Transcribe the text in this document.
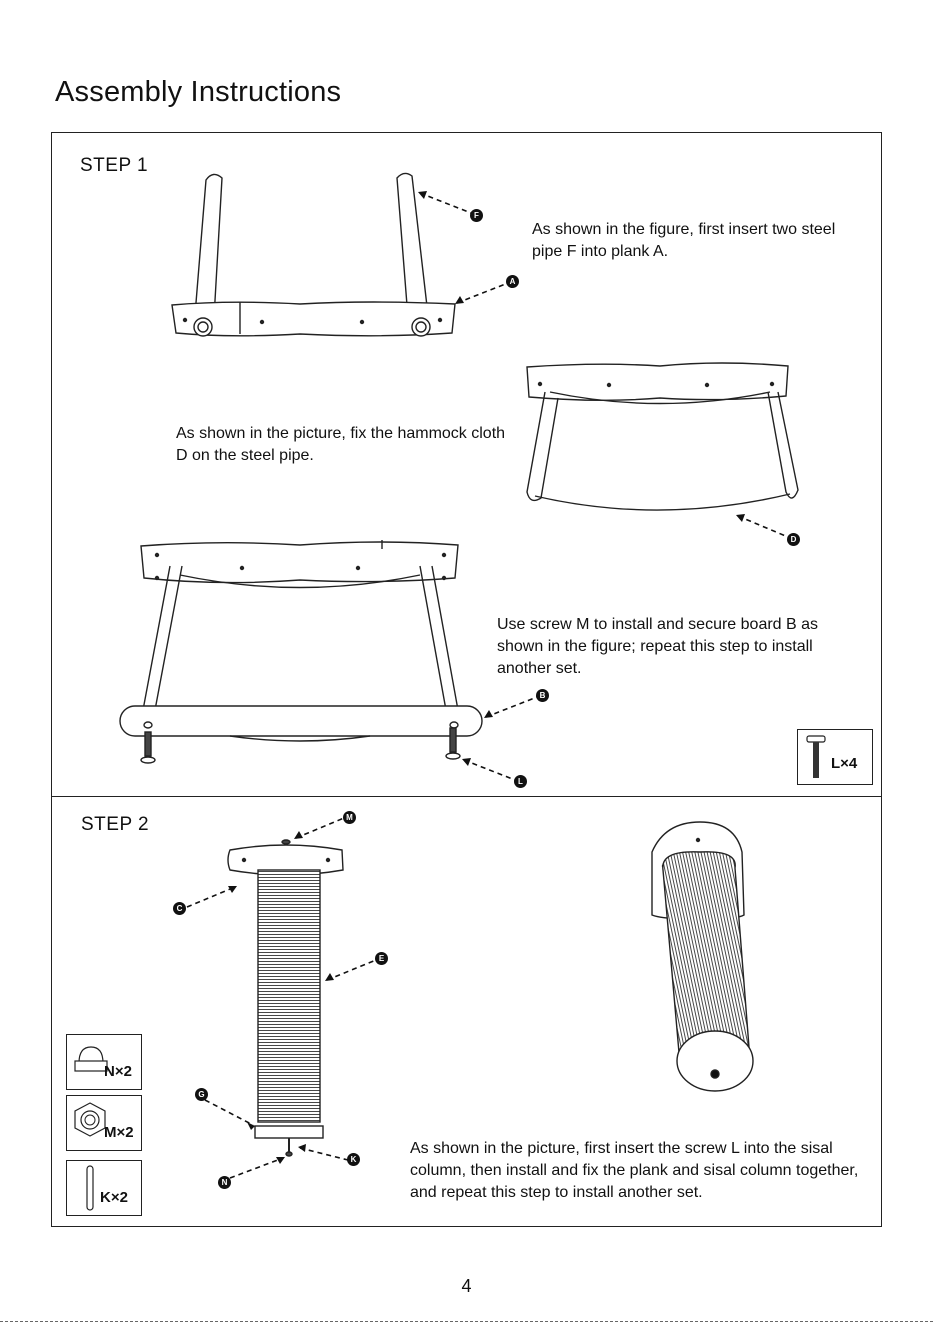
Assembly Instructions
STEP 1
STEP 2

As shown in the figure, first insert two steel pipe F into plank A.

As shown in the picture, fix the hammock cloth D on the steel pipe.

Use screw M to install and secure board B as shown in the figure; repeat this step to install another set.

F
A
D
B
L
L×4

As shown in the picture, first insert the screw L into the sisal column, then install and fix the plank and sisal column together, and repeat this step to install another set.

M
C
E
G
K
N
N×2
M×2
K×2
4
